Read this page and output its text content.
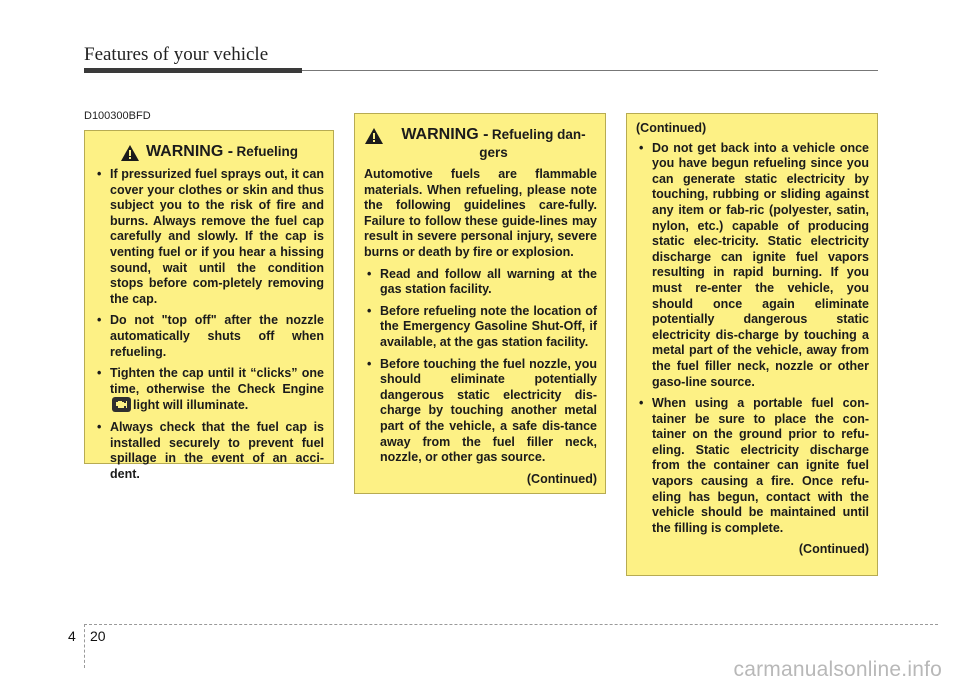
Features of your vehicle
D100300BFD
WARNING - Refueling
• If pressurized fuel sprays out, it can cover your clothes or skin and thus subject you to the risk of fire and burns. Always remove the fuel cap carefully and slowly. If the cap is venting fuel or if you hear a hissing sound, wait until the condition stops before com-pletely removing the cap.
• Do not "top off" after the nozzle automatically shuts off when refueling.
• Tighten the cap until it “clicks” one time, otherwise the Check Engine
light will illuminate.
• Always check that the fuel cap is installed securely to prevent fuel spillage in the event of an acci-dent.
WARNING - Refueling dan-gers

Automotive fuels are flammable materials. When refueling, please note the following guidelines care-fully. Failure to follow these guide-lines may result in severe personal injury, severe burns or death by fire or explosion.

• Read and follow all warning at the gas station facility.
• Before refueling note the location of the Emergency Gasoline Shut-Off, if available, at the gas station facility.
• Before touching the fuel nozzle, you should eliminate potentially dangerous static electricity dis-charge by touching another metal part of the vehicle, a safe dis-tance away from the fuel filler neck, nozzle, or other gas source.
(Continued)
(Continued)
• Do not get back into a vehicle once you have begun refueling since you can generate static electricity by touching, rubbing or sliding against any item or fab-ric (polyester, satin, nylon, etc.) capable of producing static elec-tricity. Static electricity discharge can ignite fuel vapors resulting in rapid burning. If you must re-enter the vehicle, you should once again eliminate potentially dangerous static electricity dis-charge by touching a metal part of the vehicle, away from the fuel filler neck, nozzle or other gaso-line source.
• When using a portable fuel con-tainer be sure to place the con-tainer on the ground prior to refu-eling. Static electricity discharge from the container can ignite fuel vapors causing a fire. Once refu-eling has begun, contact with the vehicle should be maintained until the filling is complete.
(Continued)
4 20
carmanualsonline.info
